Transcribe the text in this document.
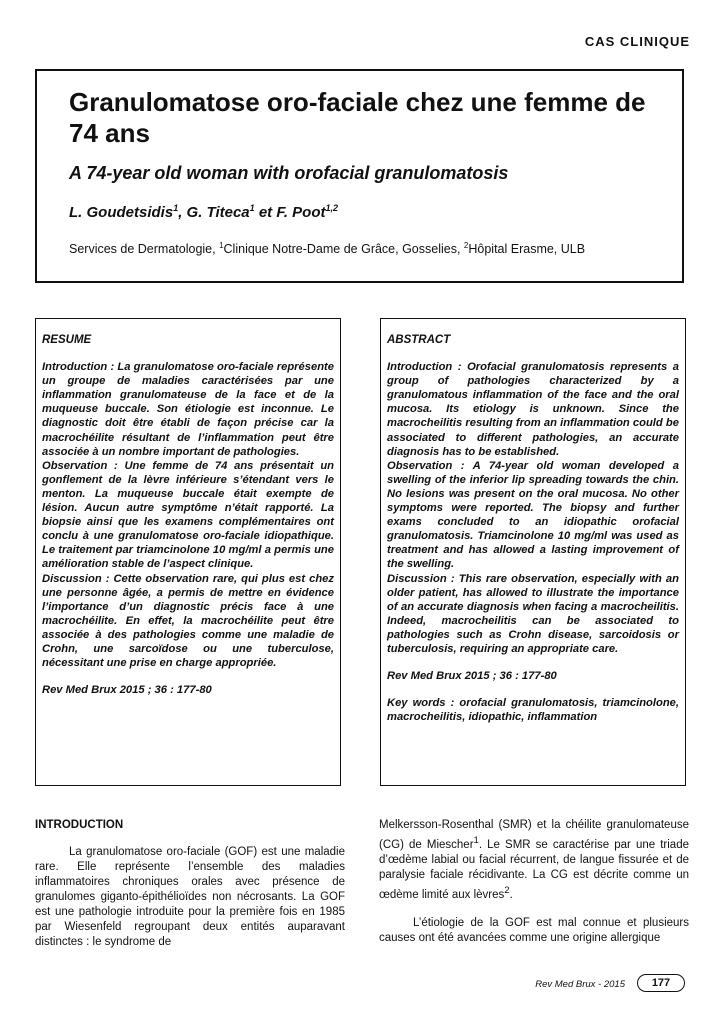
CAS CLINIQUE
Granulomatose oro-faciale chez une femme de 74 ans
A 74-year old woman with orofacial granulomatosis
L. Goudetsidis$^1$, G. Titeca$^1$ et F. Poot$^{1,2}$
Services de Dermatologie, $^1$Clinique Notre-Dame de Grâce, Gosselies, $^2$Hôpital Erasme, ULB
RESUME

Introduction : La granulomatose oro-faciale représente un groupe de maladies caractérisées par une inflammation granulomateuse de la face et de la muqueuse buccale. Son étiologie est inconnue. Le diagnostic doit être établi de façon précise car la macrochéilite résultant de l’inflammation peut être associée à un nombre important de pathologies.

Observation : Une femme de 74 ans présentait un gonflement de la lèvre inférieure s’étendant vers le menton. La muqueuse buccale était exempte de lésion. Aucun autre symptôme n’était rapporté. La biopsie ainsi que les examens complémentaires ont conclu à une granulomatose oro-faciale idiopathique. Le traitement par triamcinolone 10 mg/ml a permis une amélioration stable de l’aspect clinique.

Discussion : Cette observation rare, qui plus est chez une personne âgée, a permis de mettre en évidence l’importance d’un diagnostic précis face à une macrochéilite. En effet, la macrochéilite peut être associée à des pathologies comme une maladie de Crohn, une sarcoïdose ou une tuberculose, nécessitant une prise en charge appropriée.

Rev Med Brux 2015 ; 36 : 177-80

ABSTRACT

Introduction : Orofacial granulomatosis represents a group of pathologies characterized by a granulomatous inflammation of the face and the oral mucosa. Its etiology is unknown. Since the macrocheilitis resulting from an inflammation could be associated to different pathologies, an accurate diagnosis has to be established.

Observation : A 74-year old woman developed a swelling of the inferior lip spreading towards the chin. No lesions was present on the oral mucosa. No other symptoms were reported. The biopsy and further exams concluded to an idiopathic orofacial granulomatosis. Triamcinolone 10 mg/ml was used as treatment and has allowed a lasting improvement of the swelling.

Discussion : This rare observation, especially with an older patient, has allowed to illustrate the importance of an accurate diagnosis when facing a macrocheilitis. Indeed, macrocheilitis can be associated to pathologies such as Crohn disease, sarcoidosis or tuberculosis, requiring an appropriate care.

Rev Med Brux 2015 ; 36 : 177-80

Key words : orofacial granulomatosis, triamcinolone, macrocheilitis, idiopathic, inflammation

INTRODUCTION

La granulomatose oro-faciale (GOF) est une maladie rare. Elle représente l’ensemble des maladies inflammatoires chroniques orales avec présence de granulomes giganto-épithélioïdes non nécrosants. La GOF est une pathologie introduite pour la première fois en 1985 par Wiesenfeld regroupant deux entités auparavant distinctes : le syndrome de

Melkersson-Rosenthal (SMR) et la chéilite granulomateuse (CG) de Miescher$^1$. Le SMR se caractérise par une triade d’œdème labial ou facial récurrent, de langue fissurée et de paralysie faciale récidivante. La CG est décrite comme un œdème limité aux lèvres$^2$.

L’étiologie de la GOF est mal connue et plusieurs causes ont été avancées comme une origine allergique

Rev Med Brux - 2015	177
